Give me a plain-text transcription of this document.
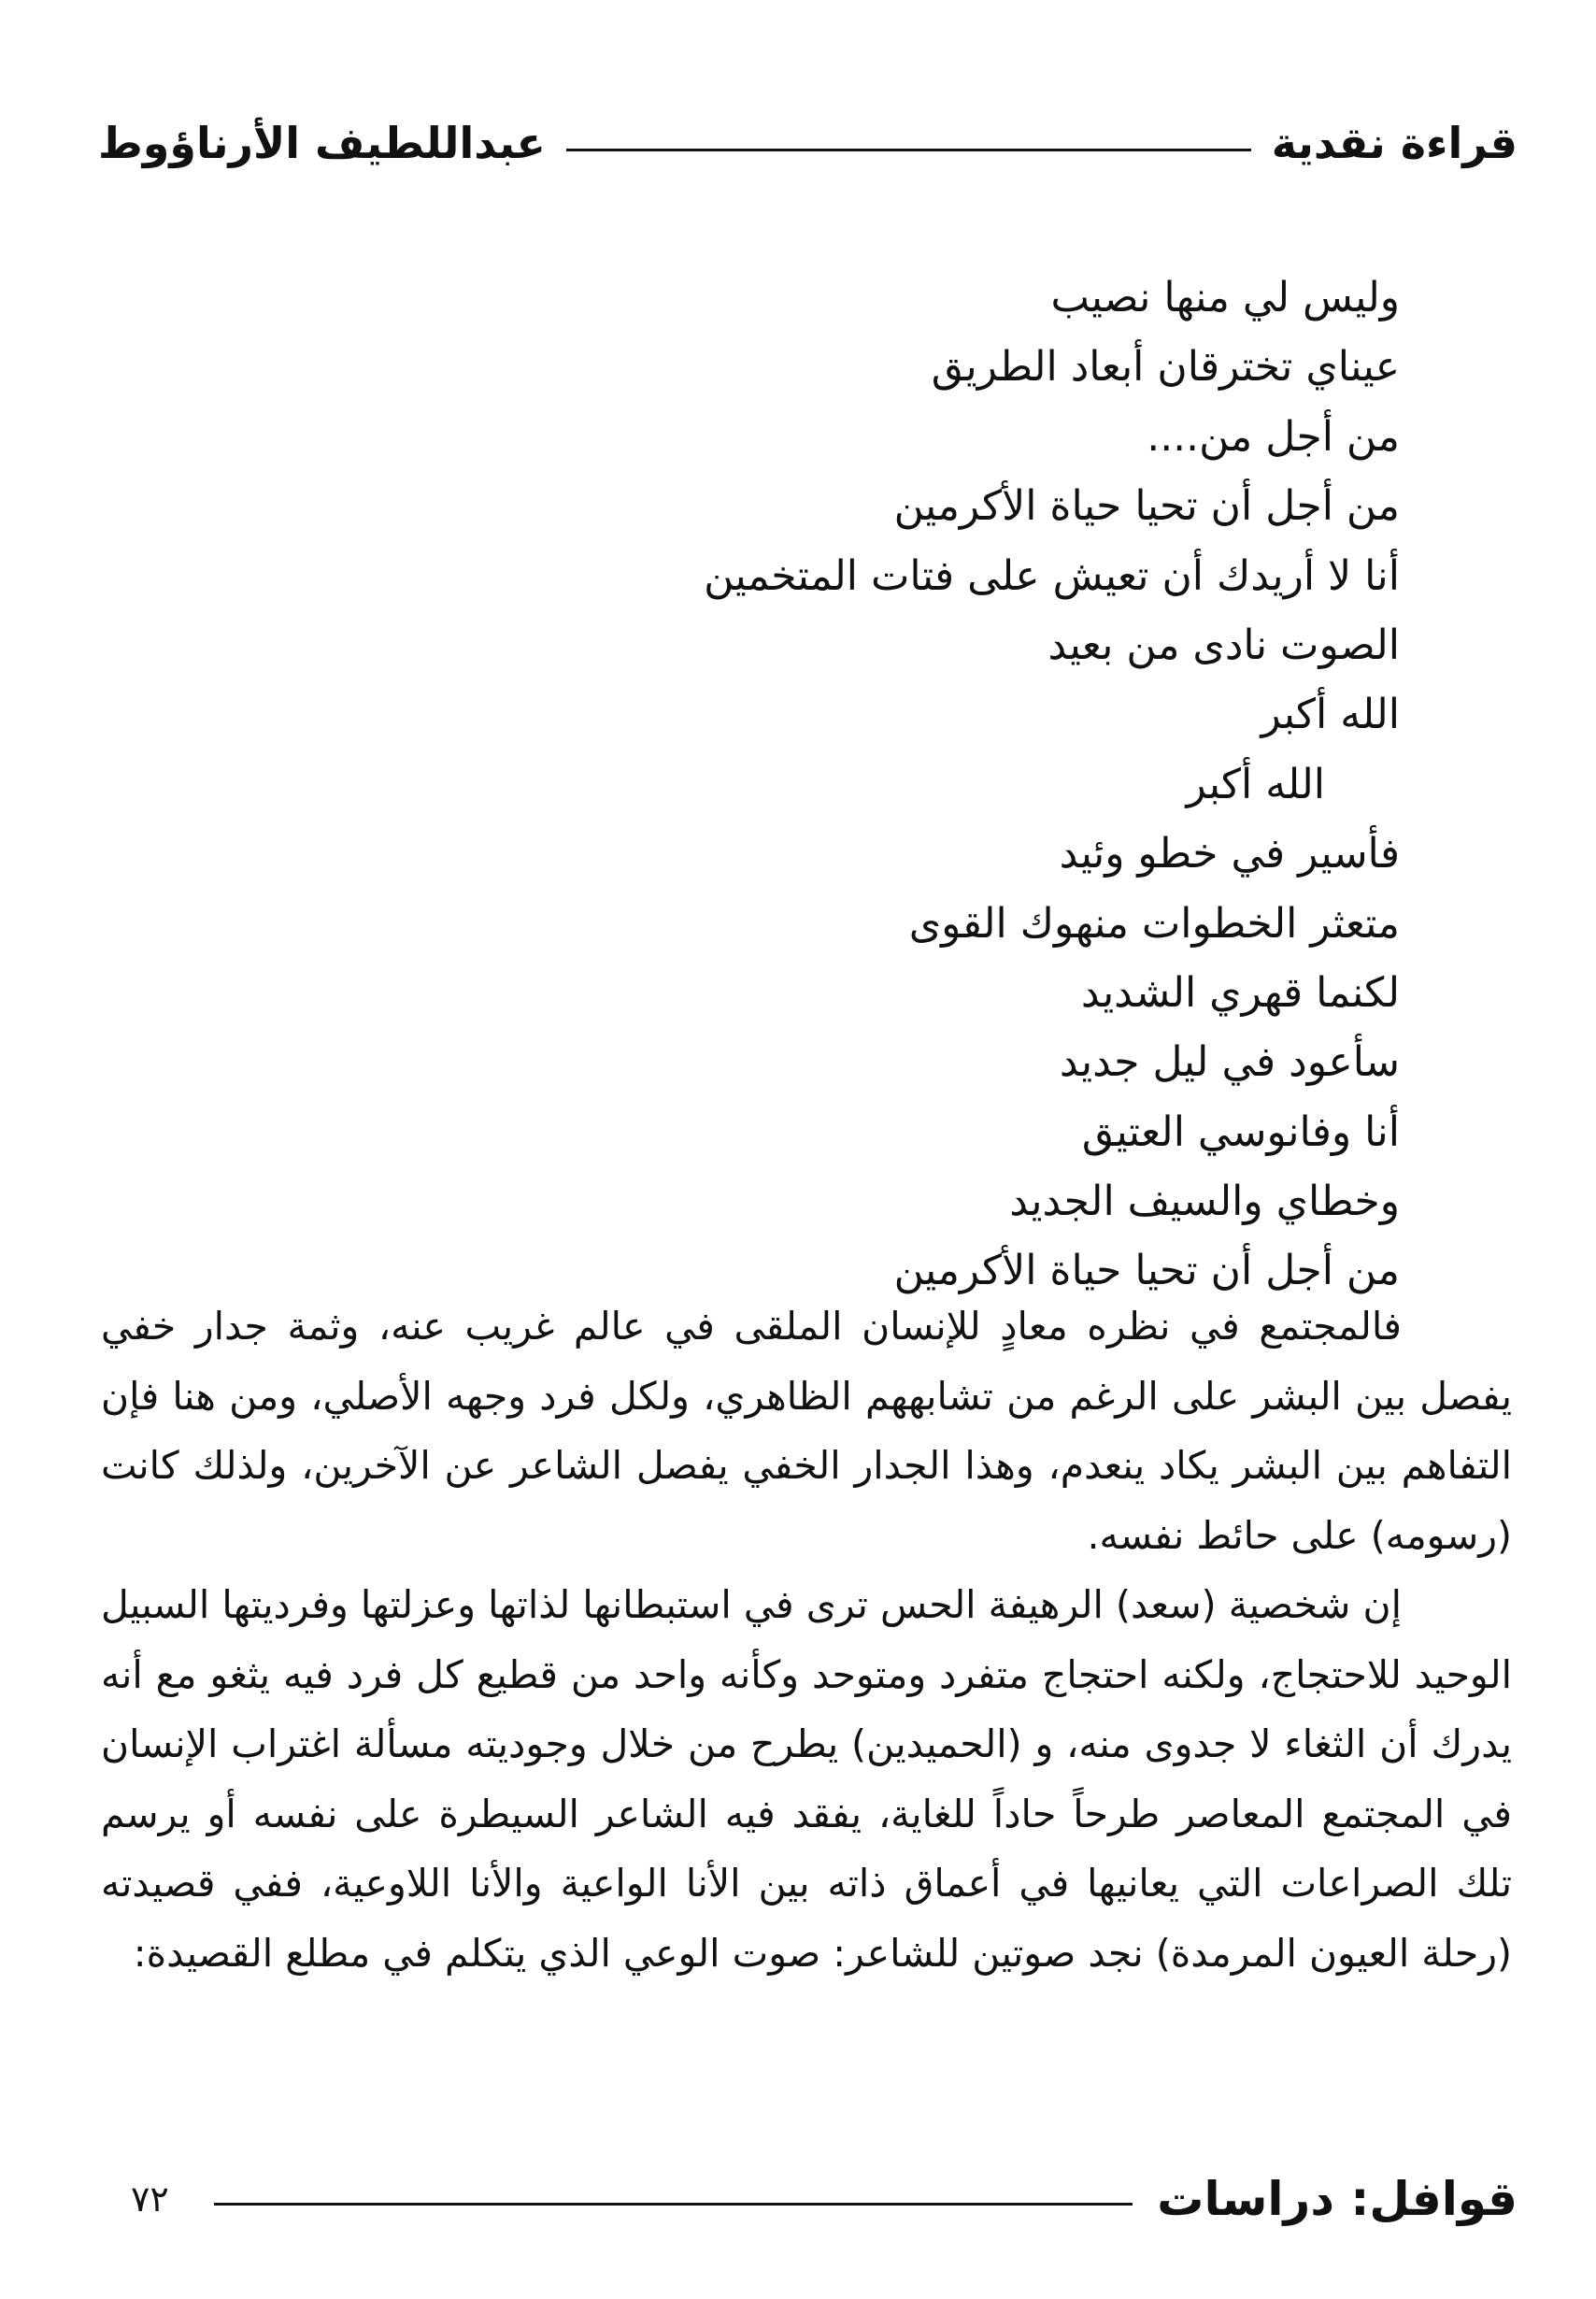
قراءة نقدية
عبداللطيف الأرناؤوط
وليس لي منها نصيب
عيناي تخترقان أبعاد الطريق
من أجل من....
من أجل أن تحيا حياة الأكرمين
أنا لا أريدك أن تعيش على فتات المتخمين
الصوت نادى من بعيد
الله أكبر
الله أكبر
فأسير في خطو وئيد
متعثر الخطوات منهوك القوى
لكنما قهري الشديد
سأعود في ليل جديد
أنا وفانوسي العتيق
وخطاي والسيف الجديد
من أجل أن تحيا حياة الأكرمين

فالمجتمع في نظره معادٍ للإنسان الملقى في عالم غريب عنه، وثمة جدار خفي يفصل بين البشر على الرغم من تشابههم الظاهري، ولكل فرد وجهه الأصلي، ومن هنا فإن التفاهم بين البشر يكاد ينعدم، وهذا الجدار الخفي يفصل الشاعر عن الآخرين، ولذلك كانت (رسومه) على حائط نفسه.

إن شخصية (سعد) الرهيفة الحس ترى في استبطانها لذاتها وعزلتها وفرديتها السبيل الوحيد للاحتجاج، ولكنه احتجاج متفرد ومتوحد وكأنه واحد من قطيع كل فرد فيه يثغو مع أنه يدرك أن الثغاء لا جدوى منه، و (الحميدين) يطرح من خلال وجوديته مسألة اغتراب الإنسان في المجتمع المعاصر طرحاً حاداً للغاية، يفقد فيه الشاعر السيطرة على نفسه أو يرسم تلك الصراعات التي يعانيها في أعماق ذاته بين الأنا الواعية والأنا اللاوعية، ففي قصيدته (رحلة العيون المرمدة) نجد صوتين للشاعر: صوت الوعي الذي يتكلم في مطلع القصيدة:

قوافل: دراسات
٧٢
